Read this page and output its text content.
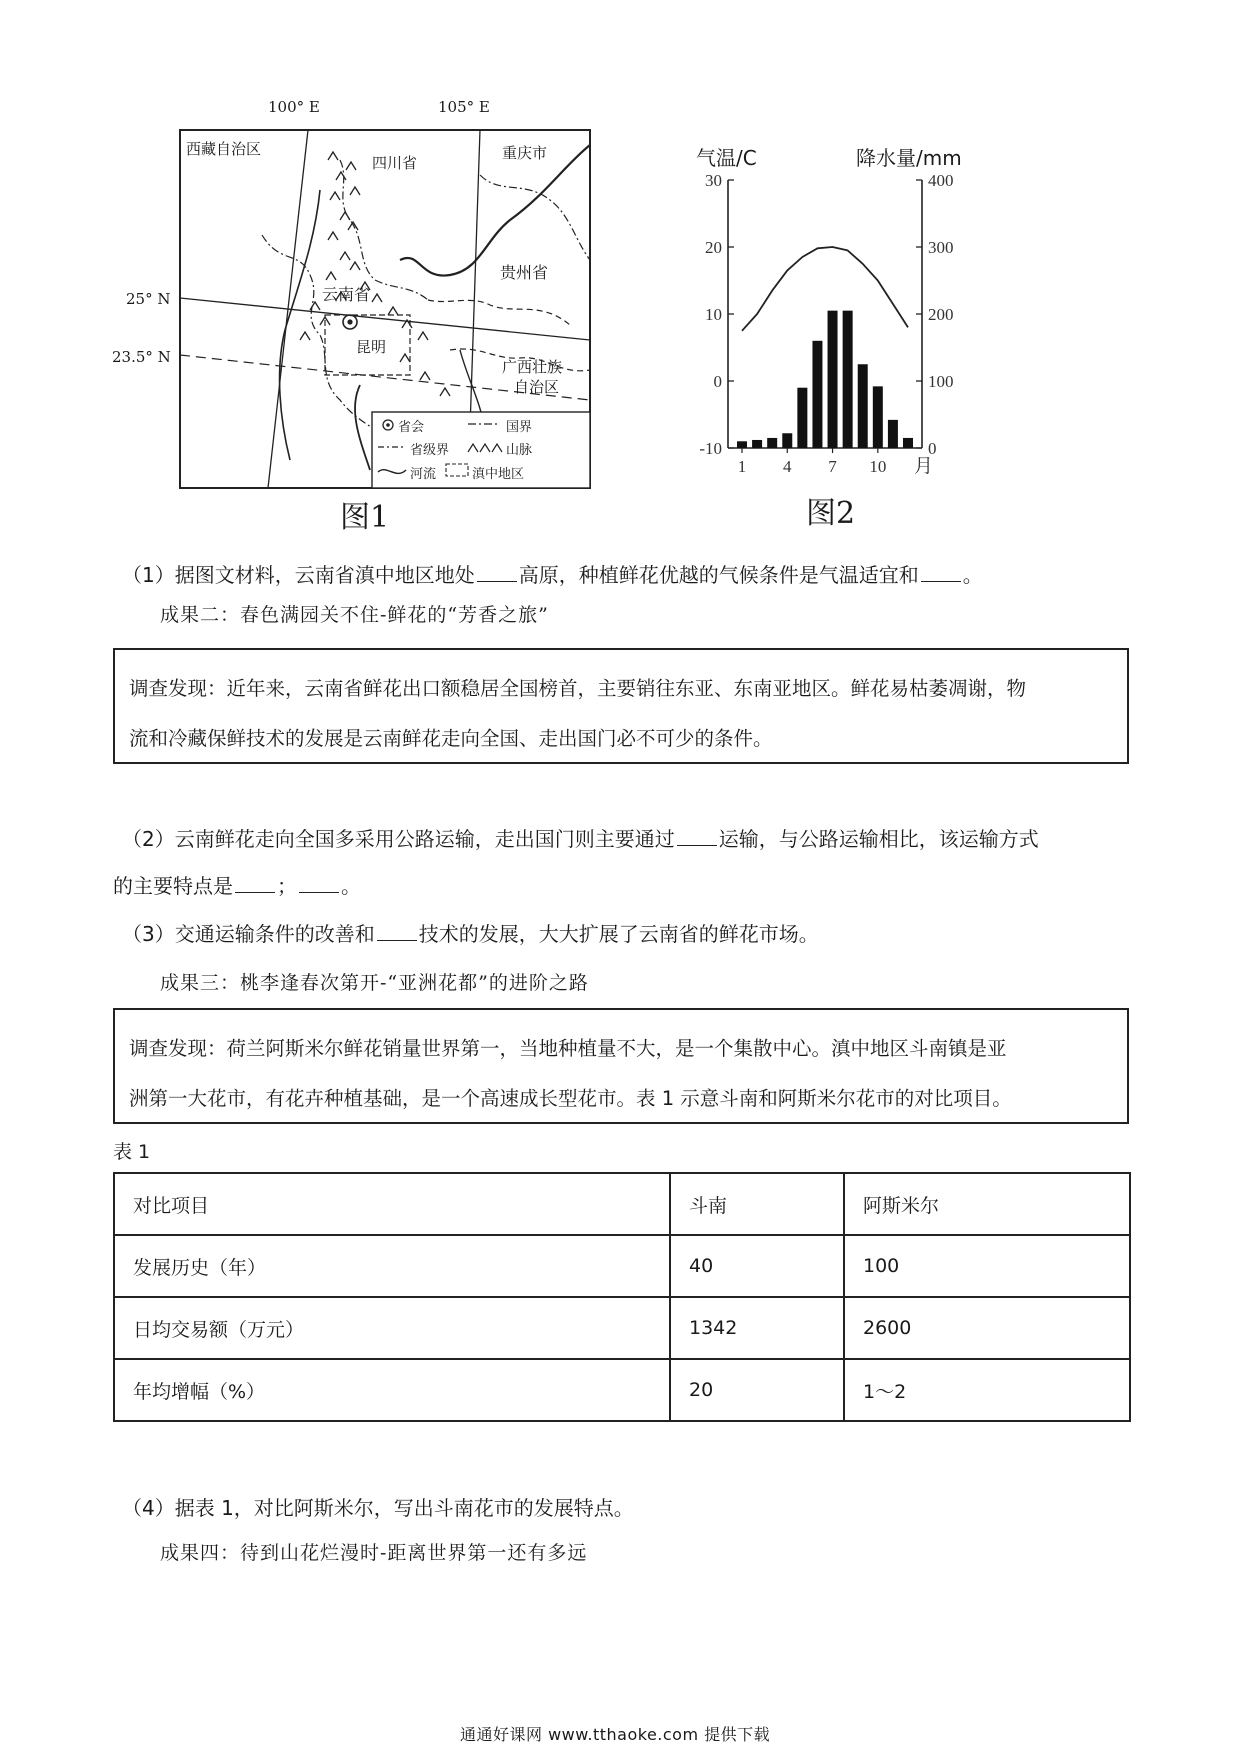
100° E	105° E
25° N
23.5° N
西藏自治区
四川省
重庆市
云南省
贵州省
广西壮族
自治区
昆明
省会	国界
省级界	山脉
河流	滇中地区
图1
气温/C	降水量/mm
30
20
10
0
-10
400
300
200
100
0
1 4 7 10 月
图2
（1）据图文材料，云南省滇中地区地处 高原，种植鲜花优越的气候条件是气温适宜和 。
成果二：春色满园关不住-鲜花的“芳香之旅”
调查发现：近年来，云南省鲜花出口额稳居全国榜首，主要销往东亚、东南亚地区。鲜花易枯萎凋谢，物
流和冷藏保鲜技术的发展是云南鲜花走向全国、走出国门必不可少的条件。
（2）云南鲜花走向全国多采用公路运输，走出国门则主要通过 运输，与公路运输相比，该运输方式
的主要特点是 ； 。
（3）交通运输条件的改善和 技术的发展，大大扩展了云南省的鲜花市场。
成果三：桃李逢春次第开-“亚洲花都”的进阶之路
调查发现：荷兰阿斯米尔鲜花销量世界第一，当地种植量不大，是一个集散中心。滇中地区斗南镇是亚
洲第一大花市，有花卉种植基础，是一个高速成长型花市。表 1 示意斗南和阿斯米尔花市的对比项目。
表 1
对比项目	斗南	阿斯米尔
发展历史（年）	40	100
日均交易额（万元）	1342	2600
年均增幅（%）	20	1～2
（4）据表 1，对比阿斯米尔，写出斗南花市的发展特点。
成果四：待到山花烂漫时-距离世界第一还有多远
通通好课网 www.tthaoke.com 提供下载
